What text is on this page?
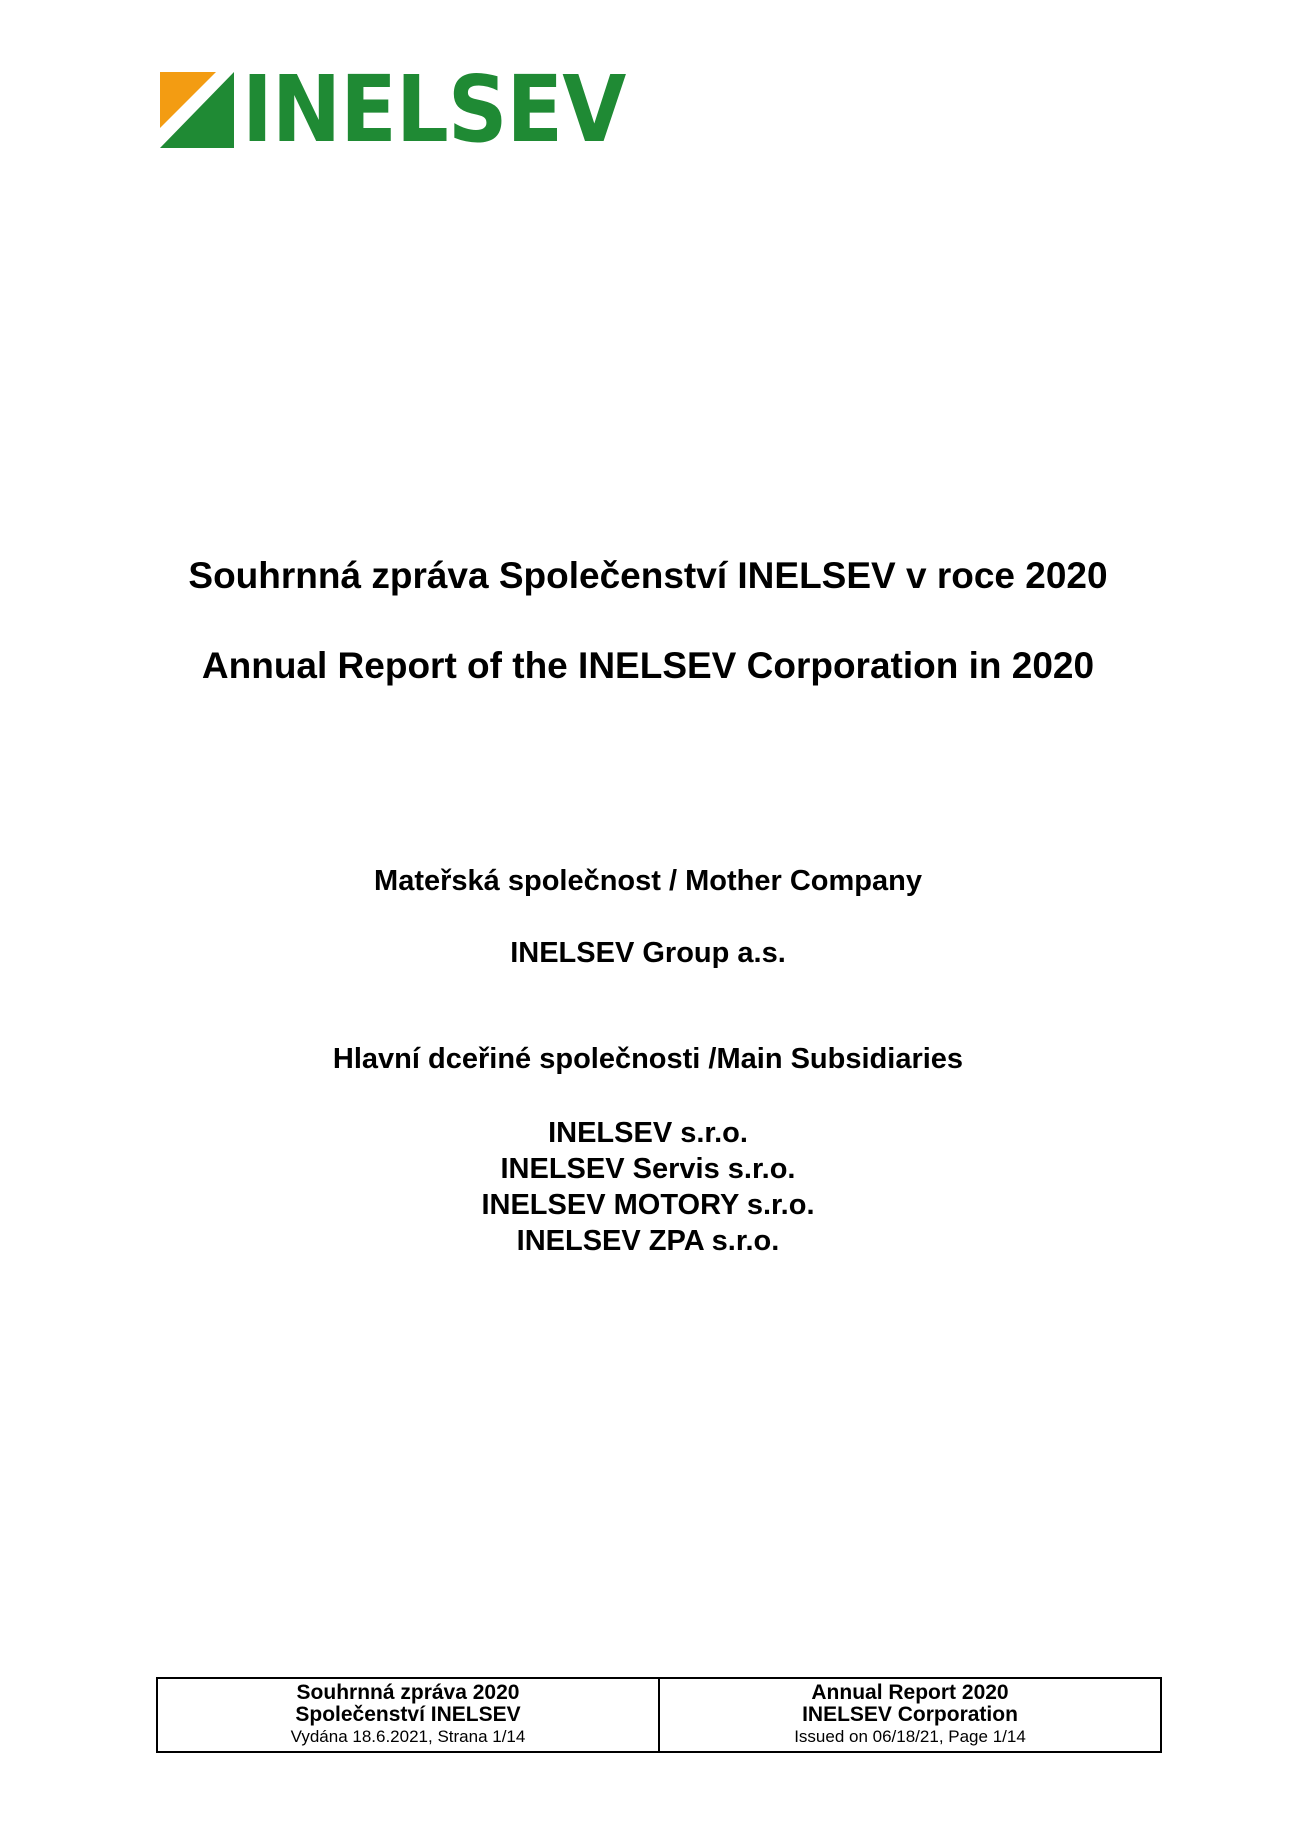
INELSEV
Souhrnná zpráva Společenství INELSEV v roce 2020
Annual Report of the INELSEV Corporation in 2020

Mateřská společnost / Mother Company

INELSEV Group a.s.

Hlavní dceřiné společnosti /Main Subsidiaries

INELSEV s.r.o.
INELSEV Servis s.r.o.
INELSEV MOTORY s.r.o.
INELSEV ZPA s.r.o.
Souhrnná zpráva 2020
Společenství INELSEV
Vydána 18.6.2021, Strana 1/14
Annual Report 2020
INELSEV Corporation
Issued on 06/18/21, Page 1/14
